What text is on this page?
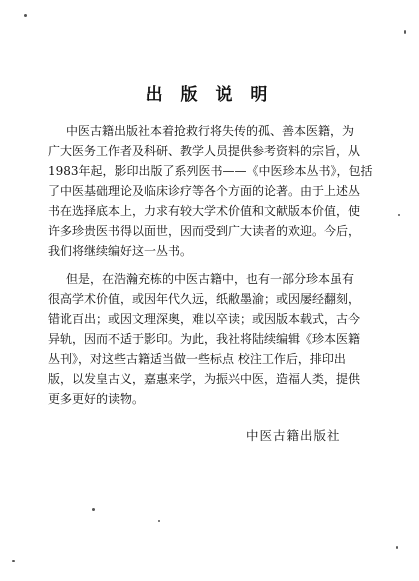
出 版 说 明
中医古籍出版社本着抢救行将失传的孤、善本医籍，为
广大医务工作者及科研、教学人员提供参考资料的宗旨，从
1983年起，影印出版了系列医书——《中医珍本丛书》，包括
了中医基础理论及临床诊疗等各个方面的论著。由于上述丛
书在选择底本上，力求有较大学术价值和文献版本价值，使
许多珍贵医书得以面世，因而受到广大读者的欢迎。今后，
我们将继续编好这一丛书。
但是，在浩瀚充栋的中医古籍中，也有一部分珍本虽有
很高学术价值，或因年代久远，纸敝墨渝；或因屡经翻刻，
错讹百出；或因文理深奥，难以卒读；或因版本载式，古今
异轨，因而不适于影印。为此，我社将陆续编辑《珍本医籍
丛刊》，对这些古籍适当做一些标点 校注工作后，排印出
版，以发皇古义，嘉惠来学，为振兴中医，造福人类，提供
更多更好的读物。
中医古籍出版社
